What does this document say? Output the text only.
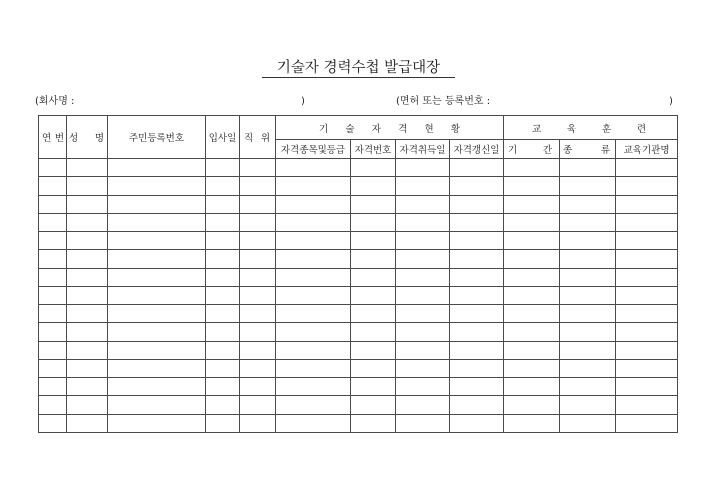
기술자 경력수첩 발급대장
(회사명 :	)	(면허 또는 등록번호 :	)
연 번	성 명	주민등록번호	입사일	직 위	기 술 자 격 현 황				교 육 훈 련		
					자격종목및등급	자격번호	자격취득일	자격갱신일	기 간	종 류	교육기관명
